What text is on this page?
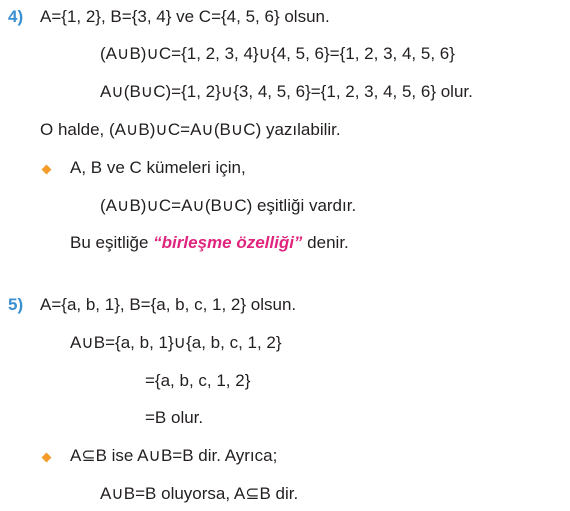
4) A={1, 2}, B={3, 4} ve C={4, 5, 6} olsun.
(A∪B)∪C={1, 2, 3, 4}∪{4, 5, 6}={1, 2, 3, 4, 5, 6}
A∪(B∪C)={1, 2}∪{3, 4, 5, 6}={1, 2, 3, 4, 5, 6} olur.
O halde, (A∪B)∪C=A∪(B∪C) yazılabilir.
A, B ve C kümeleri için,
(A∪B)∪C=A∪(B∪C) eşitliği vardır.
Bu eşitliğe “birleşme özelliği” denir.
5) A={a, b, 1}, B={a, b, c, 1, 2} olsun.
A∪B={a, b, 1}∪{a, b, c, 1, 2}
={a, b, c, 1, 2}
=B olur.
A⊆B ise A∪B=B dir. Ayrıca;
A∪B=B oluyorsa, A⊆B dir.
